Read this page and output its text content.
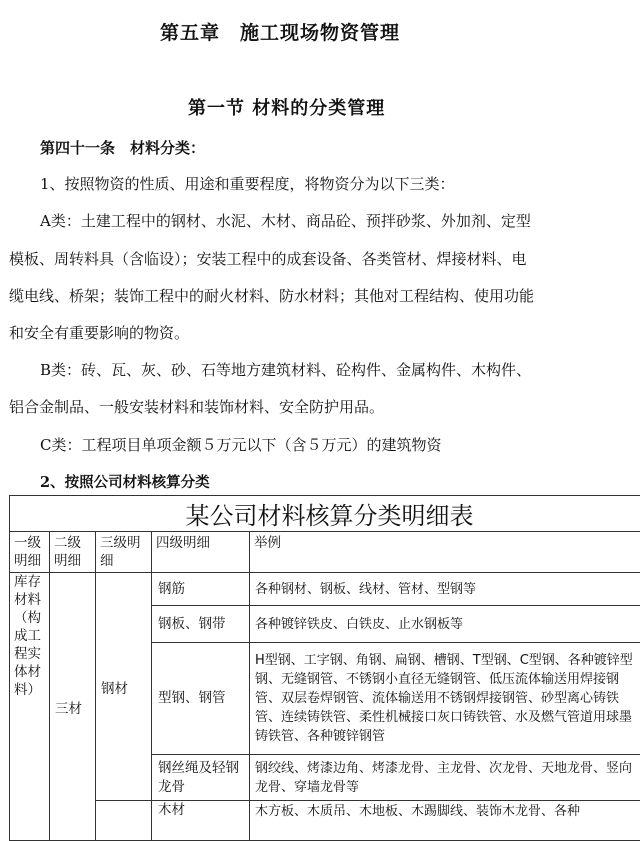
第五章　施工现场物资管理
第一节 材料的分类管理
第四十一条　材料分类：
1、按照物资的性质、用途和重要程度，将物资分为以下三类：
A类：土建工程中的钢材、水泥、木材、商品砼、预拌砂浆、外加剂、定型
模板、周转料具（含临设）；安装工程中的成套设备、各类管材、焊接材料、电
缆电线、桥架；装饰工程中的耐火材料、防水材料；其他对工程结构、使用功能
和安全有重要影响的物资。
B类：砖、瓦、灰、砂、石等地方建筑材料、砼构件、金属构件、木构件、
铝合金制品、一般安装材料和装饰材料、安全防护用品。
C类：工程项目单项金额５万元以下（含５万元）的建筑物资
2、按照公司材料核算分类
某公司材料核算分类明细表				
一级明细	二级明细	三级明细	四级明细	举例
库存材料（构成工程实体材料）	三材	钢材	钢筋	各种钢材、钢板、线材、管材、型钢等
			钢板、钢带	各种镀锌铁皮、白铁皮、止水钢板等
			型钢、钢管	H型钢、工字钢、角钢、扁钢、槽钢、T型钢、C型钢、各种镀锌型钢、无缝钢管、不锈钢小直径无缝钢管、低压流体输送用焊接钢管、双层卷焊钢管、流体输送用不锈钢焊接钢管、砂型离心铸铁管、连续铸铁管、柔性机械接口灰口铸铁管、水及燃气管道用球墨铸铁管、各种镀锌钢管
			钢丝绳及轻钢龙骨	钢绞线、烤漆边角、烤漆龙骨、主龙骨、次龙骨、天地龙骨、竖向龙骨、穿墙龙骨等
			木材	木方板、木质吊、木地板、木踢脚线、装饰木龙骨、各种
